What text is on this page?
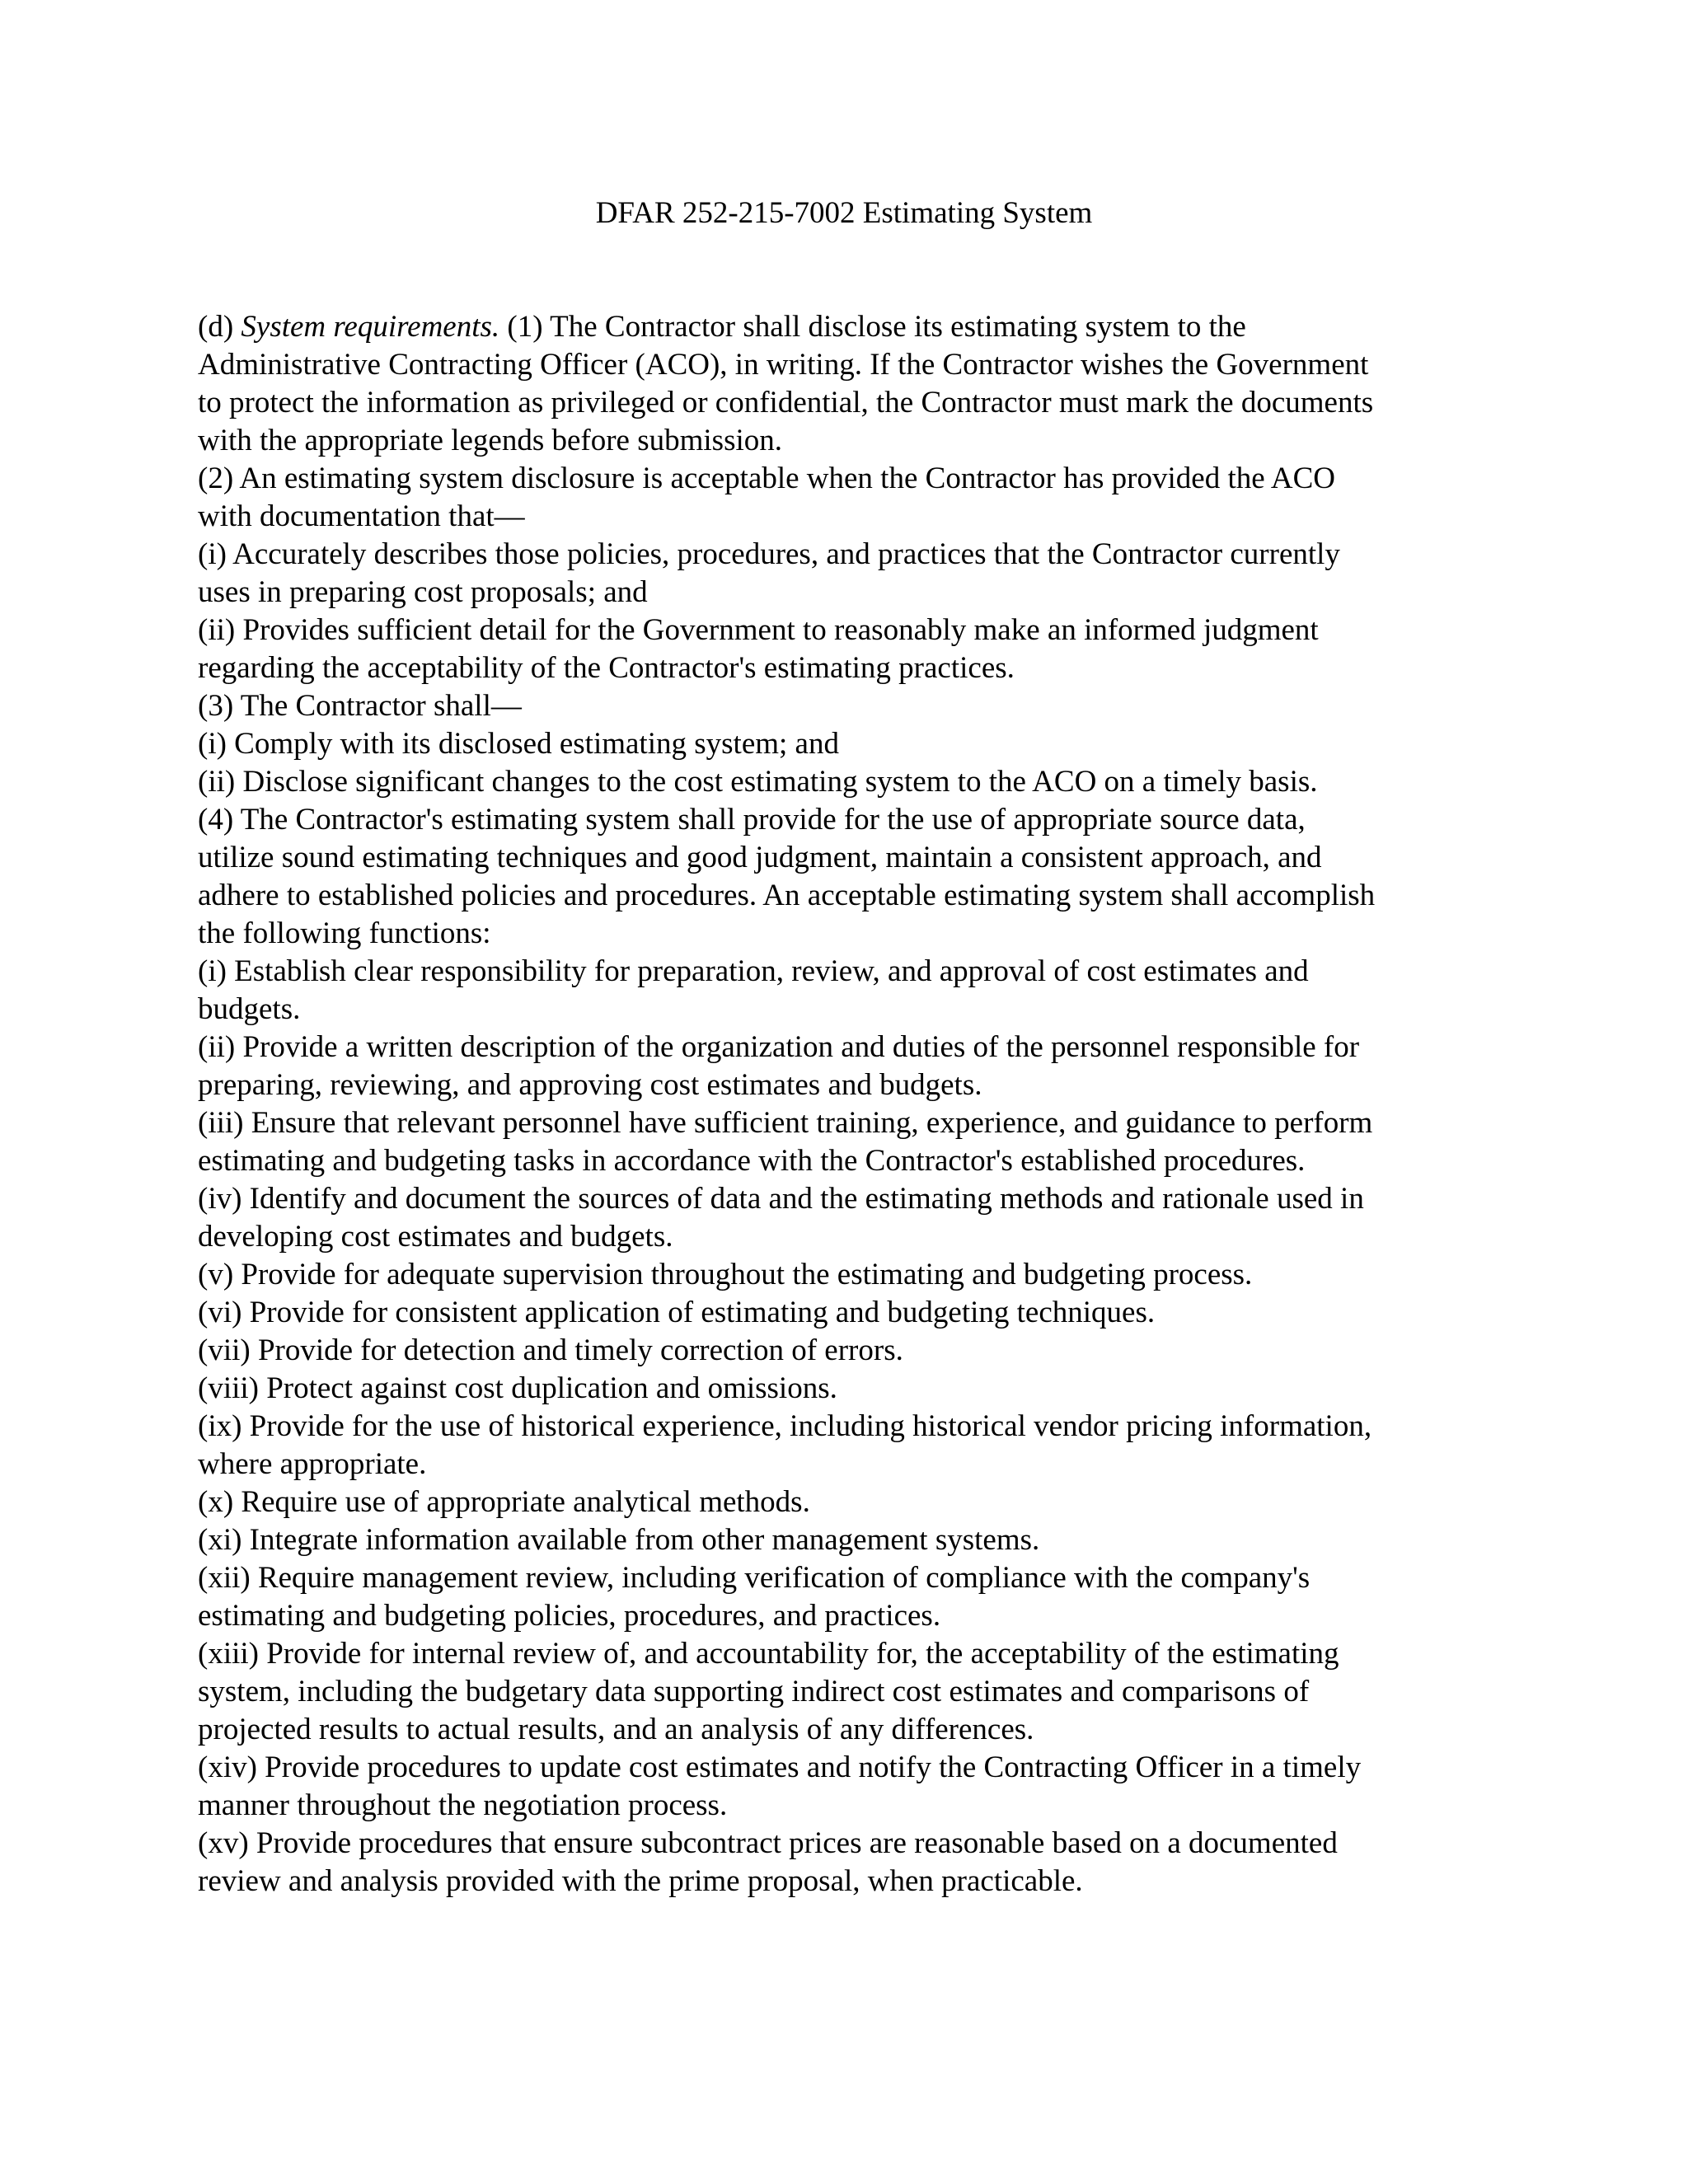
DFAR 252-215-7002 Estimating System
(d) System requirements. (1) The Contractor shall disclose its estimating system to the
Administrative Contracting Officer (ACO), in writing. If the Contractor wishes the Government
to protect the information as privileged or confidential, the Contractor must mark the documents
with the appropriate legends before submission.
(2) An estimating system disclosure is acceptable when the Contractor has provided the ACO
with documentation that—
(i) Accurately describes those policies, procedures, and practices that the Contractor currently
uses in preparing cost proposals; and
(ii) Provides sufficient detail for the Government to reasonably make an informed judgment
regarding the acceptability of the Contractor's estimating practices.
(3) The Contractor shall—
(i) Comply with its disclosed estimating system; and
(ii) Disclose significant changes to the cost estimating system to the ACO on a timely basis.
(4) The Contractor's estimating system shall provide for the use of appropriate source data,
utilize sound estimating techniques and good judgment, maintain a consistent approach, and
adhere to established policies and procedures. An acceptable estimating system shall accomplish
the following functions:
(i) Establish clear responsibility for preparation, review, and approval of cost estimates and
budgets.
(ii) Provide a written description of the organization and duties of the personnel responsible for
preparing, reviewing, and approving cost estimates and budgets.
(iii) Ensure that relevant personnel have sufficient training, experience, and guidance to perform
estimating and budgeting tasks in accordance with the Contractor's established procedures.
(iv) Identify and document the sources of data and the estimating methods and rationale used in
developing cost estimates and budgets.
(v) Provide for adequate supervision throughout the estimating and budgeting process.
(vi) Provide for consistent application of estimating and budgeting techniques.
(vii) Provide for detection and timely correction of errors.
(viii) Protect against cost duplication and omissions.
(ix) Provide for the use of historical experience, including historical vendor pricing information,
where appropriate.
(x) Require use of appropriate analytical methods.
(xi) Integrate information available from other management systems.
(xii) Require management review, including verification of compliance with the company's
estimating and budgeting policies, procedures, and practices.
(xiii) Provide for internal review of, and accountability for, the acceptability of the estimating
system, including the budgetary data supporting indirect cost estimates and comparisons of
projected results to actual results, and an analysis of any differences.
(xiv) Provide procedures to update cost estimates and notify the Contracting Officer in a timely
manner throughout the negotiation process.
(xv) Provide procedures that ensure subcontract prices are reasonable based on a documented
review and analysis provided with the prime proposal, when practicable.
